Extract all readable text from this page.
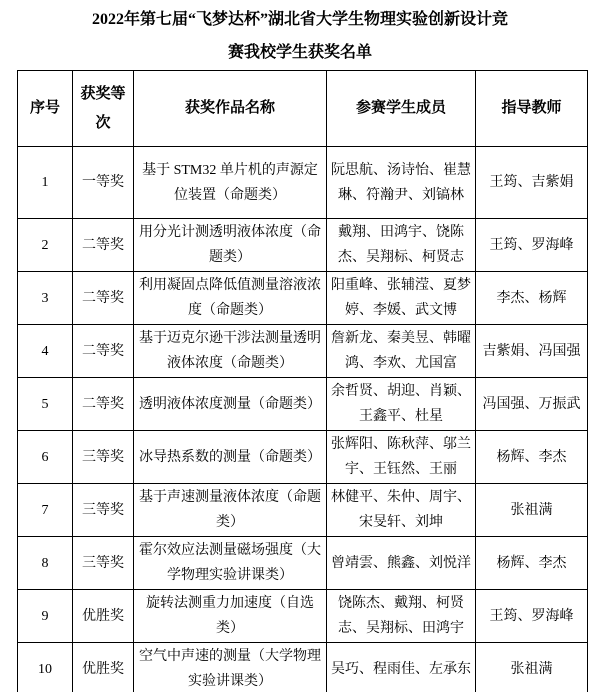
2022年第七届“飞梦达杯”湖北省大学生物理实验创新设计竞
赛我校学生获奖名单
序号	获奖等次	获奖作品名称	参赛学生成员	指导教师
1	一等奖	基于 STM32 单片机的声源定位装置（命题类）	阮思航、汤诗怡、崔慧琳、符瀚尹、刘镐林	王筠、吉紫娟
2	二等奖	用分光计测透明液体浓度（命题类）	戴翔、田鸿宇、饶陈杰、吴翔标、柯贤志	王筠、罗海峰
3	二等奖	利用凝固点降低值测量溶液浓度（命题类）	阳重峰、张辅滢、夏梦婷、李媛、武文博	李杰、杨辉
4	二等奖	基于迈克尔逊干涉法测量透明液体浓度（命题类）	詹新龙、秦美昱、韩曜鸿、李欢、尤国富	吉紫娟、冯国强
5	二等奖	透明液体浓度测量（命题类）	余哲贤、胡迎、肖颖、王鑫平、杜星	冯国强、万振武
6	三等奖	冰导热系数的测量（命题类）	张辉阳、陈秋萍、邬兰宇、王钰然、王丽	杨辉、李杰
7	三等奖	基于声速测量液体浓度（命题类）	林健平、朱仲、周宇、宋旻轩、刘坤	张祖满
8	三等奖	霍尔效应法测量磁场强度（大学物理实验讲课类）	曾靖雲、熊鑫、刘悦洋	杨辉、李杰
9	优胜奖	旋转法测重力加速度（自选类）	饶陈杰、戴翔、柯贤志、吴翔标、田鸿宇	王筠、罗海峰
10	优胜奖	空气中声速的测量（大学物理实验讲课类）	吴巧、程雨佳、左承东	张祖满
